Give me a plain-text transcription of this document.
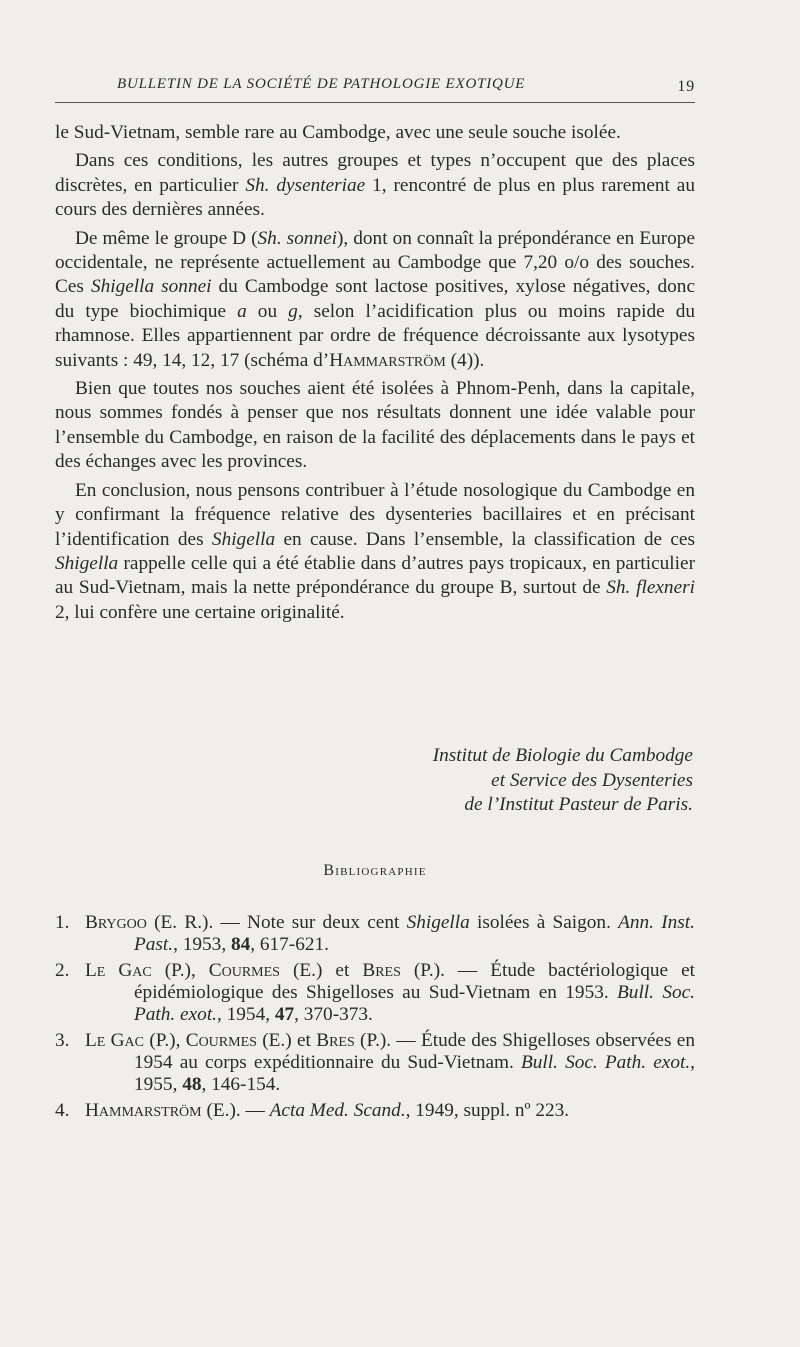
BULLETIN DE LA SOCIÉTÉ DE PATHOLOGIE EXOTIQUE	19

le Sud-Vietnam, semble rare au Cambodge, avec une seule souche isolée.

Dans ces conditions, les autres groupes et types n’occupent que des places discrètes, en particulier Sh. dysenteriae 1, rencontré de plus en plus rarement au cours des dernières années.

De même le groupe D (Sh. sonnei), dont on connaît la prépondérance en Europe occidentale, ne représente actuellement au Cambodge que 7,20 o/o des souches. Ces Shigella sonnei du Cambodge sont lactose positives, xylose négatives, donc du type biochimique a ou g, selon l’acidification plus ou moins rapide du rhamnose. Elles appartiennent par ordre de fréquence décroissante aux lysotypes suivants : 49, 14, 12, 17 (schéma d’Hammarström (4)).

Bien que toutes nos souches aient été isolées à Phnom-Penh, dans la capitale, nous sommes fondés à penser que nos résultats donnent une idée valable pour l’ensemble du Cambodge, en raison de la facilité des déplacements dans le pays et des échanges avec les provinces.

En conclusion, nous pensons contribuer à l’étude nosologique du Cambodge en y confirmant la fréquence relative des dysenteries bacillaires et en précisant l’identification des Shigella en cause. Dans l’ensemble, la classification de ces Shigella rappelle celle qui a été établie dans d’autres pays tropicaux, en particulier au Sud-Vietnam, mais la nette prépondérance du groupe B, surtout de Sh. flexneri 2, lui confère une certaine originalité.

Institut de Biologie du Cambodge
et Service des Dysenteries
de l’Institut Pasteur de Paris.
Bibliographie
1. Brygoo (E. R.). — Note sur deux cent Shigella isolées à Saigon. Ann. Inst. Past., 1953, 84, 617-621.
2. Le Gac (P.), Courmes (E.) et Bres (P.). — Étude bactériologique et épidémiologique des Shigelloses au Sud-Vietnam en 1953. Bull. Soc. Path. exot., 1954, 47, 370-373.
3. Le Gac (P.), Courmes (E.) et Bres (P.). — Étude des Shigelloses observées en 1954 au corps expéditionnaire du Sud-Vietnam. Bull. Soc. Path. exot., 1955, 48, 146-154.
4. Hammarström (E.). — Acta Med. Scand., 1949, suppl. nº 223.
